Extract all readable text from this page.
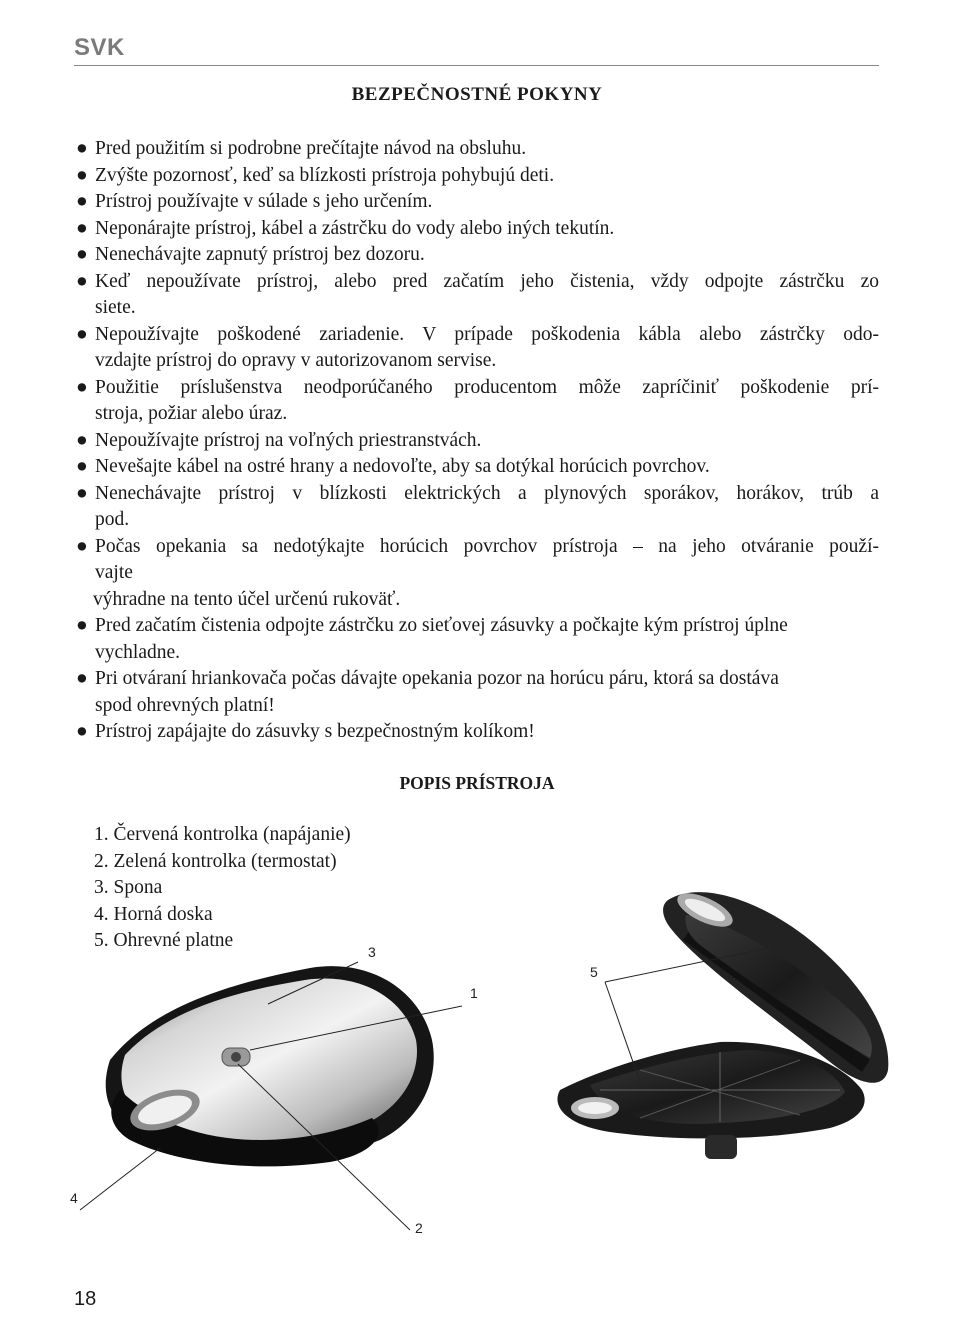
SVK
BEZPEČNOSTNÉ POKYNY
● Pred použitím si podrobne prečítajte návod na obsluhu.
● Zvýšte pozornosť, keď sa blízkosti prístroja pohybujú deti.
● Prístroj používajte v súlade s jeho určením.
● Neponárajte prístroj, kábel a zástrčku do vody alebo iných tekutín.
● Nenechávajte zapnutý prístroj bez dozoru.
● Keď nepoužívate prístroj, alebo pred začatím jeho čistenia, vždy odpojte zástrčku zo
siete.
● Nepoužívajte poškodené zariadenie. V prípade poškodenia kábla alebo zástrčky odo-
vzdajte prístroj do opravy v autorizovanom servise.
● Použitie príslušenstva neodporúčaného producentom môže zapríčiniť poškodenie prí-
stroja, požiar alebo úraz.
● Nepoužívajte prístroj na voľných priestranstvách.
● Nevešajte kábel na ostré hrany a nedovoľte, aby sa dotýkal horúcich povrchov.
● Nenechávajte prístroj v blízkosti elektrických a plynových sporákov, horákov, trúb a
pod.
● Počas opekania sa nedotýkajte horúcich povrchov prístroja – na jeho otváranie použí-
vajte
výhradne na tento účel určenú rukoväť.
● Pred začatím čistenia odpojte zástrčku zo sieťovej zásuvky a počkajte kým prístroj úplne
vychladne.
● Pri otváraní hriankovača počas dávajte opekania pozor na horúcu páru, ktorá sa dostáva
spod ohrevných platní!
● Prístroj zapájajte do zásuvky s bezpečnostným kolíkom!
POPIS PRÍSTROJA
1. Červená kontrolka (napájanie)
2. Zelená kontrolka (termostat)
3. Spona
4. Horná doska
5. Ohrevné platne
3
1
2
4
5
18
